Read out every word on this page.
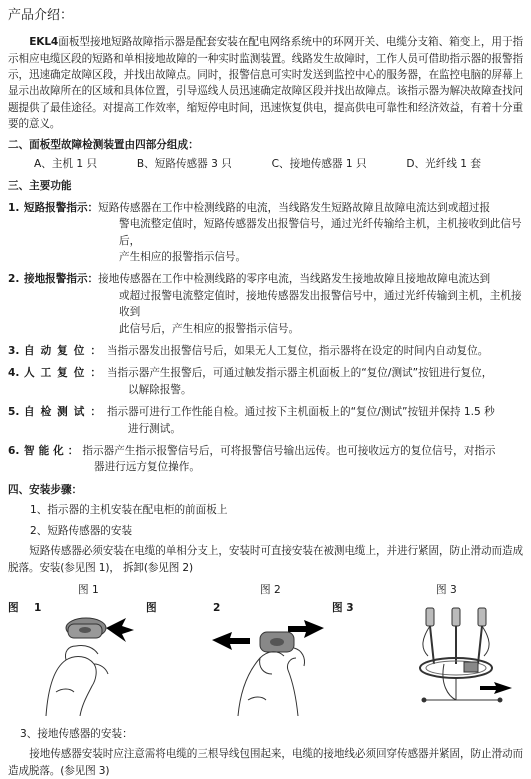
产品介绍：

EKL4面板型接地短路故障指示器是配套安装在配电网络系统中的环网开关、电缆分支箱、箱变上，用于指示相应电缆区段的短路和单相接地故障的一种实时监测装置。线路发生故障时，工作人员可借助指示器的报警指示，迅速确定故障区段，并找出故障点。同时，报警信息可实时发送到监控中心的服务器，在监控电脑的屏幕上显示出故障所在的区域和具体位置，引导巡线人员迅速确定故障区段并找出故障点。该指示器为解决故障查找问题提供了最佳途径。对提高工作效率，缩短停电时间，迅速恢复供电，提高供电可靠性和经济效益，有着十分重要的意义。

二、面板型故障检测装置由四部分组成：
A、主机 1 只	B、短路传感器 3 只	C、接地传感器 1 只	D、光纤线 1 套
三、主要功能
1. 短路报警指示：短路传感器在工作中检测线路的电流，当线路发生短路故障且故障电流达到或超过报
警电流整定值时，短路传感器发出报警信号，通过光纤传输给主机，主机接收到此信号后，
产生相应的报警指示信号。
2. 接地报警指示：接地传感器在工作中检测线路的零序电流，当线路发生接地故障且接地故障电流达到
或超过报警电流整定值时，接地传感器发出报警信号中，通过光纤传输到主机，主机接收到
此信号后，产生相应的报警指示信号。
3. 自动复位：当指示器发出报警信号后，如果无人工复位，指示器将在设定的时间内自动复位。
4. 人工复位：当指示器产生报警后，可通过触发指示器主机面板上的“复位/测试”按钮进行复位，
以解除报警。
5. 自检测试：指示器可进行工作性能自检。通过按下主机面板上的“复位/测试”按钮并保持 1.5 秒
进行测试。
6. 智能化：指示器产生指示报警信号后，可将报警信号输出远传。也可接收远方的复位信号，对指示
器进行远方复位操作。
四、安装步骤：
1、指示器的主机安装在配电柜的前面板上
2、短路传感器的安装

短路传感器必须安装在电缆的单相分支上，安装时可直接安装在被测电缆上，并进行紧固，防止滑动而造成脱落。安装(参见图 1)， 拆卸(参见图 2)

图 1	图 2	图 3
图 1	图	2	图 3
3、接地传感器的安装：

接地传感器安装时应注意需将电缆的三根导线包围起来，电缆的接地线必须回穿传感器并紧固，防止滑动而造成脱落。(参见图 3)
